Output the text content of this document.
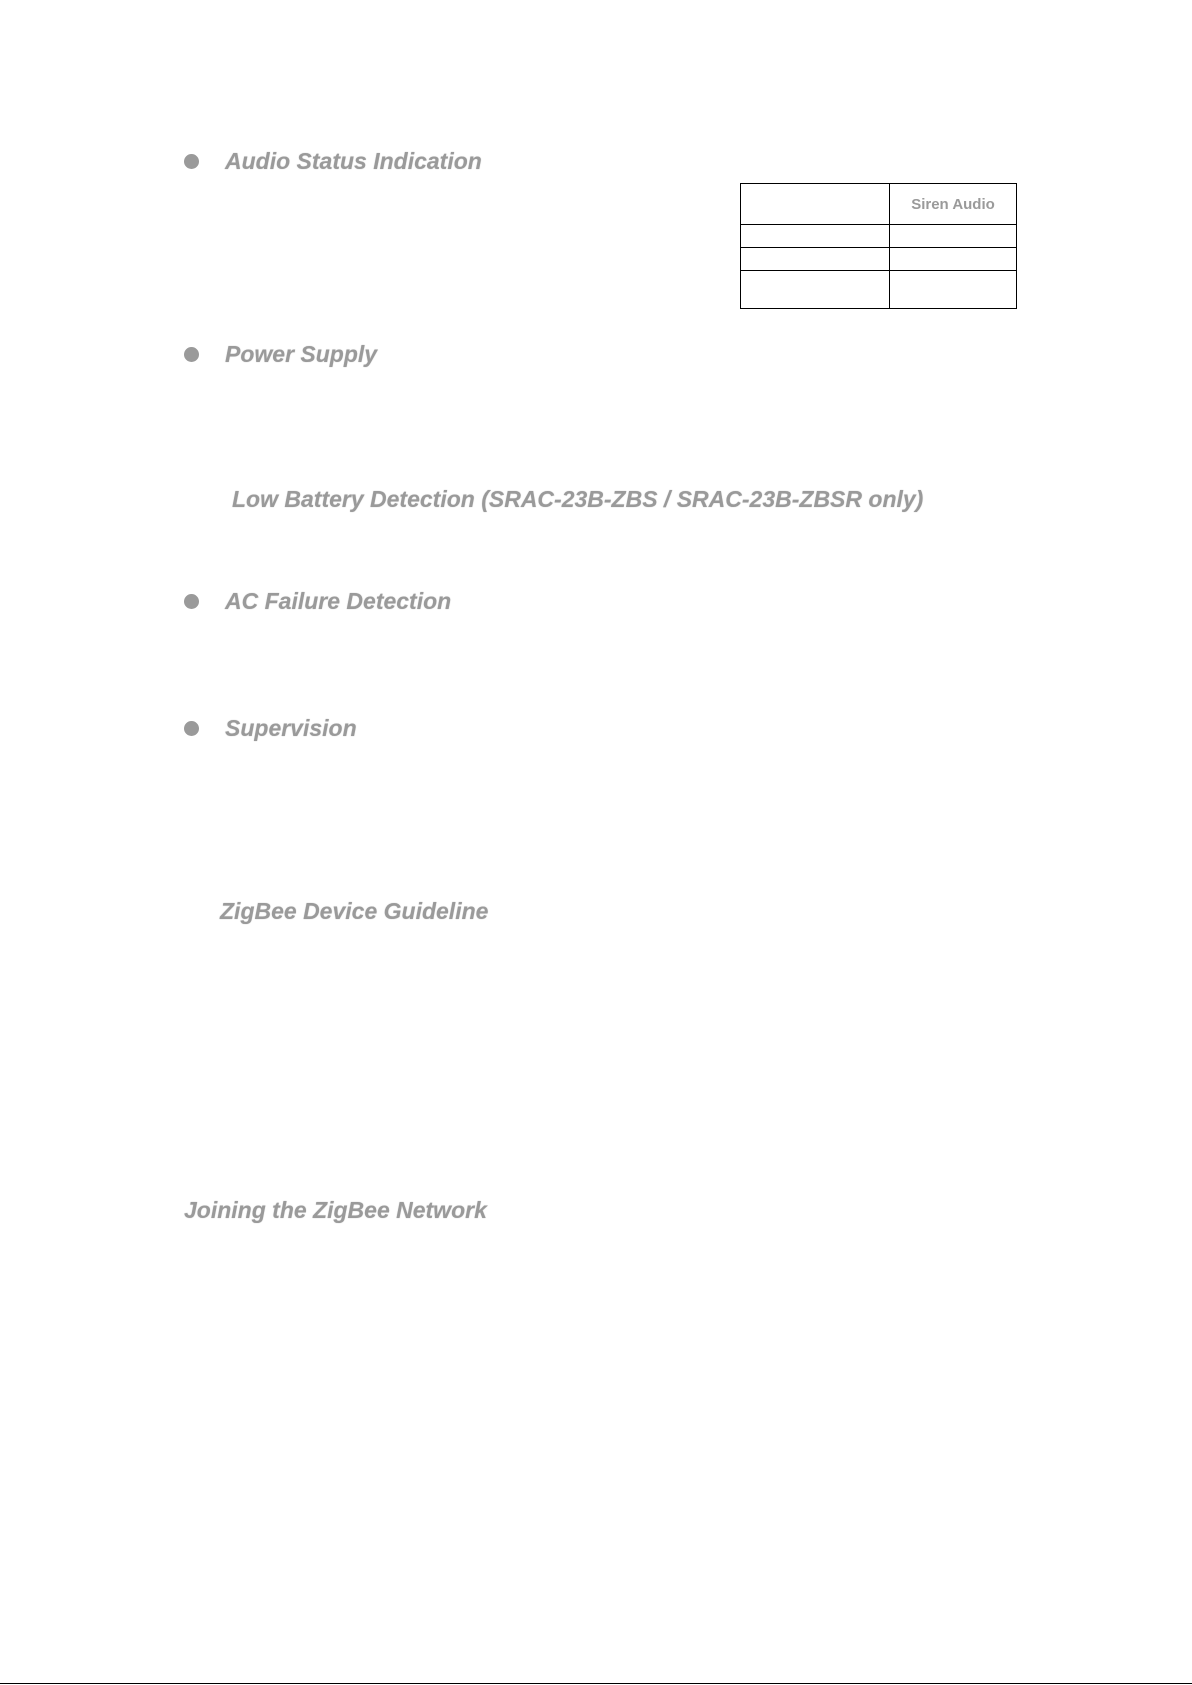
Audio Status Indication
	Siren Audio

Power Supply
Low Battery Detection (SRAC-23B-ZBS / SRAC-23B-ZBSR only)
AC Failure Detection
Supervision
ZigBee Device Guideline
Joining the ZigBee Network
